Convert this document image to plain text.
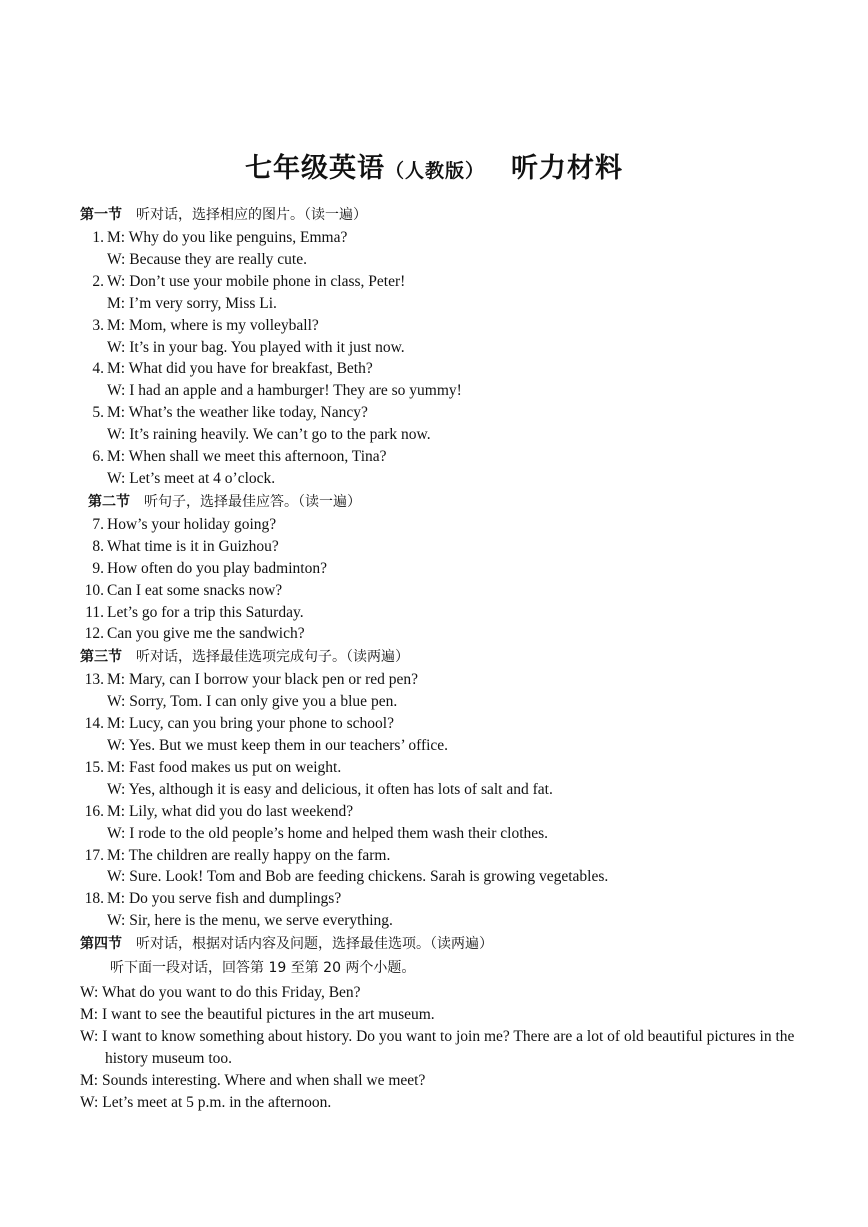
七年级英语（人教版） 听力材料
第一节 听对话，选择相应的图片。（读一遍）
1. M: Why do you like penguins, Emma?
W: Because they are really cute.
2. W: Don’t use your mobile phone in class, Peter!
M: I’m very sorry, Miss Li.
3. M: Mom, where is my volleyball?
W: It’s in your bag. You played with it just now.
4. M: What did you have for breakfast, Beth?
W: I had an apple and a hamburger! They are so yummy!
5. M: What’s the weather like today, Nancy?
W: It’s raining heavily. We can’t go to the park now.
6. M: When shall we meet this afternoon, Tina?
W: Let’s meet at 4 o’clock.
第二节 听句子，选择最佳应答。（读一遍）
7. How’s your holiday going?
8. What time is it in Guizhou?
9. How often do you play badminton?
10. Can I eat some snacks now?
11. Let’s go for a trip this Saturday.
12. Can you give me the sandwich?
第三节 听对话，选择最佳选项完成句子。（读两遍）
13. M: Mary, can I borrow your black pen or red pen?
W: Sorry, Tom. I can only give you a blue pen.
14. M: Lucy, can you bring your phone to school?
W: Yes. But we must keep them in our teachers’ office.
15. M: Fast food makes us put on weight.
W: Yes, although it is easy and delicious, it often has lots of salt and fat.
16. M: Lily, what did you do last weekend?
W: I rode to the old people’s home and helped them wash their clothes.
17. M: The children are really happy on the farm.
W: Sure. Look! Tom and Bob are feeding chickens. Sarah is growing vegetables.
18. M: Do you serve fish and dumplings?
W: Sir, here is the menu, we serve everything.
第四节 听对话，根据对话内容及问题，选择最佳选项。（读两遍）
听下面一段对话，回答第 19 至第 20 两个小题。
W: What do you want to do this Friday, Ben?
M: I want to see the beautiful pictures in the art museum.
W: I want to know something about history. Do you want to join me? There are a lot of old beautiful pictures in the history museum too.
M: Sounds interesting. Where and when shall we meet?
W: Let’s meet at 5 p.m. in the afternoon.
